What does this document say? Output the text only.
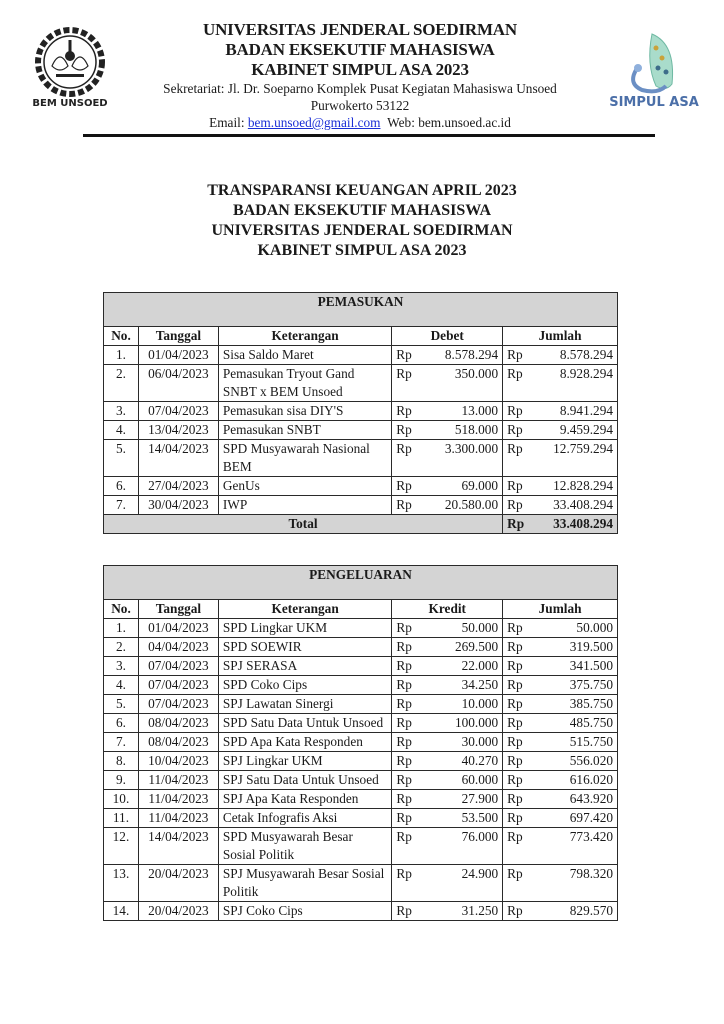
BEM UNSOED
UNIVERSITAS JENDERAL SOEDIRMAN
BADAN EKSEKUTIF MAHASISWA
KABINET SIMPUL ASA 2023
Sekretariat: Jl. Dr. Soeparno Komplek Pusat Kegiatan Mahasiswa Unsoed
Purwokerto 53122
Email: bem.unsoed@gmail.com Web: bem.unsoed.ac.id
SIMPUL ASA
TRANSPARANSI KEUANGAN APRIL 2023
BADAN EKSEKUTIF MAHASISWA
UNIVERSITAS JENDERAL SOEDIRMAN
KABINET SIMPUL ASA 2023
PEMASUKAN						
No.	Tanggal	Keterangan	Debet		Jumlah	
1.	01/04/2023	Sisa Saldo Maret	Rp	8.578.294	Rp	8.578.294
2.	06/04/2023	Pemasukan Tryout Gand SNBT x BEM Unsoed	Rp	350.000	Rp	8.928.294
3.	07/04/2023	Pemasukan sisa DIY'S	Rp	13.000	Rp	8.941.294
4.	13/04/2023	Pemasukan SNBT	Rp	518.000	Rp	9.459.294
5.	14/04/2023	SPD Musyawarah Nasional BEM	Rp	3.300.000	Rp	12.759.294
6.	27/04/2023	GenUs	Rp	69.000	Rp	12.828.294
7.	30/04/2023	IWP	Rp	20.580.00	Rp	33.408.294
Total					Rp	33.408.294
PENGELUARAN						
No.	Tanggal	Keterangan	Kredit		Jumlah	
1.	01/04/2023	SPD Lingkar UKM	Rp	50.000	Rp	50.000
2.	04/04/2023	SPD SOEWIR	Rp	269.500	Rp	319.500
3.	07/04/2023	SPJ SERASA	Rp	22.000	Rp	341.500
4.	07/04/2023	SPD Coko Cips	Rp	34.250	Rp	375.750
5.	07/04/2023	SPJ Lawatan Sinergi	Rp	10.000	Rp	385.750
6.	08/04/2023	SPD Satu Data Untuk Unsoed	Rp	100.000	Rp	485.750
7.	08/04/2023	SPD Apa Kata Responden	Rp	30.000	Rp	515.750
8.	10/04/2023	SPJ Lingkar UKM	Rp	40.270	Rp	556.020
9.	11/04/2023	SPJ Satu Data Untuk Unsoed	Rp	60.000	Rp	616.020
10.	11/04/2023	SPJ Apa Kata Responden	Rp	27.900	Rp	643.920
11.	11/04/2023	Cetak Infografis Aksi	Rp	53.500	Rp	697.420
12.	14/04/2023	SPD Musyawarah Besar Sosial Politik	Rp	76.000	Rp	773.420
13.	20/04/2023	SPJ Musyawarah Besar Sosial Politik	Rp	24.900	Rp	798.320
14.	20/04/2023	SPJ Coko Cips	Rp	31.250	Rp	829.570
